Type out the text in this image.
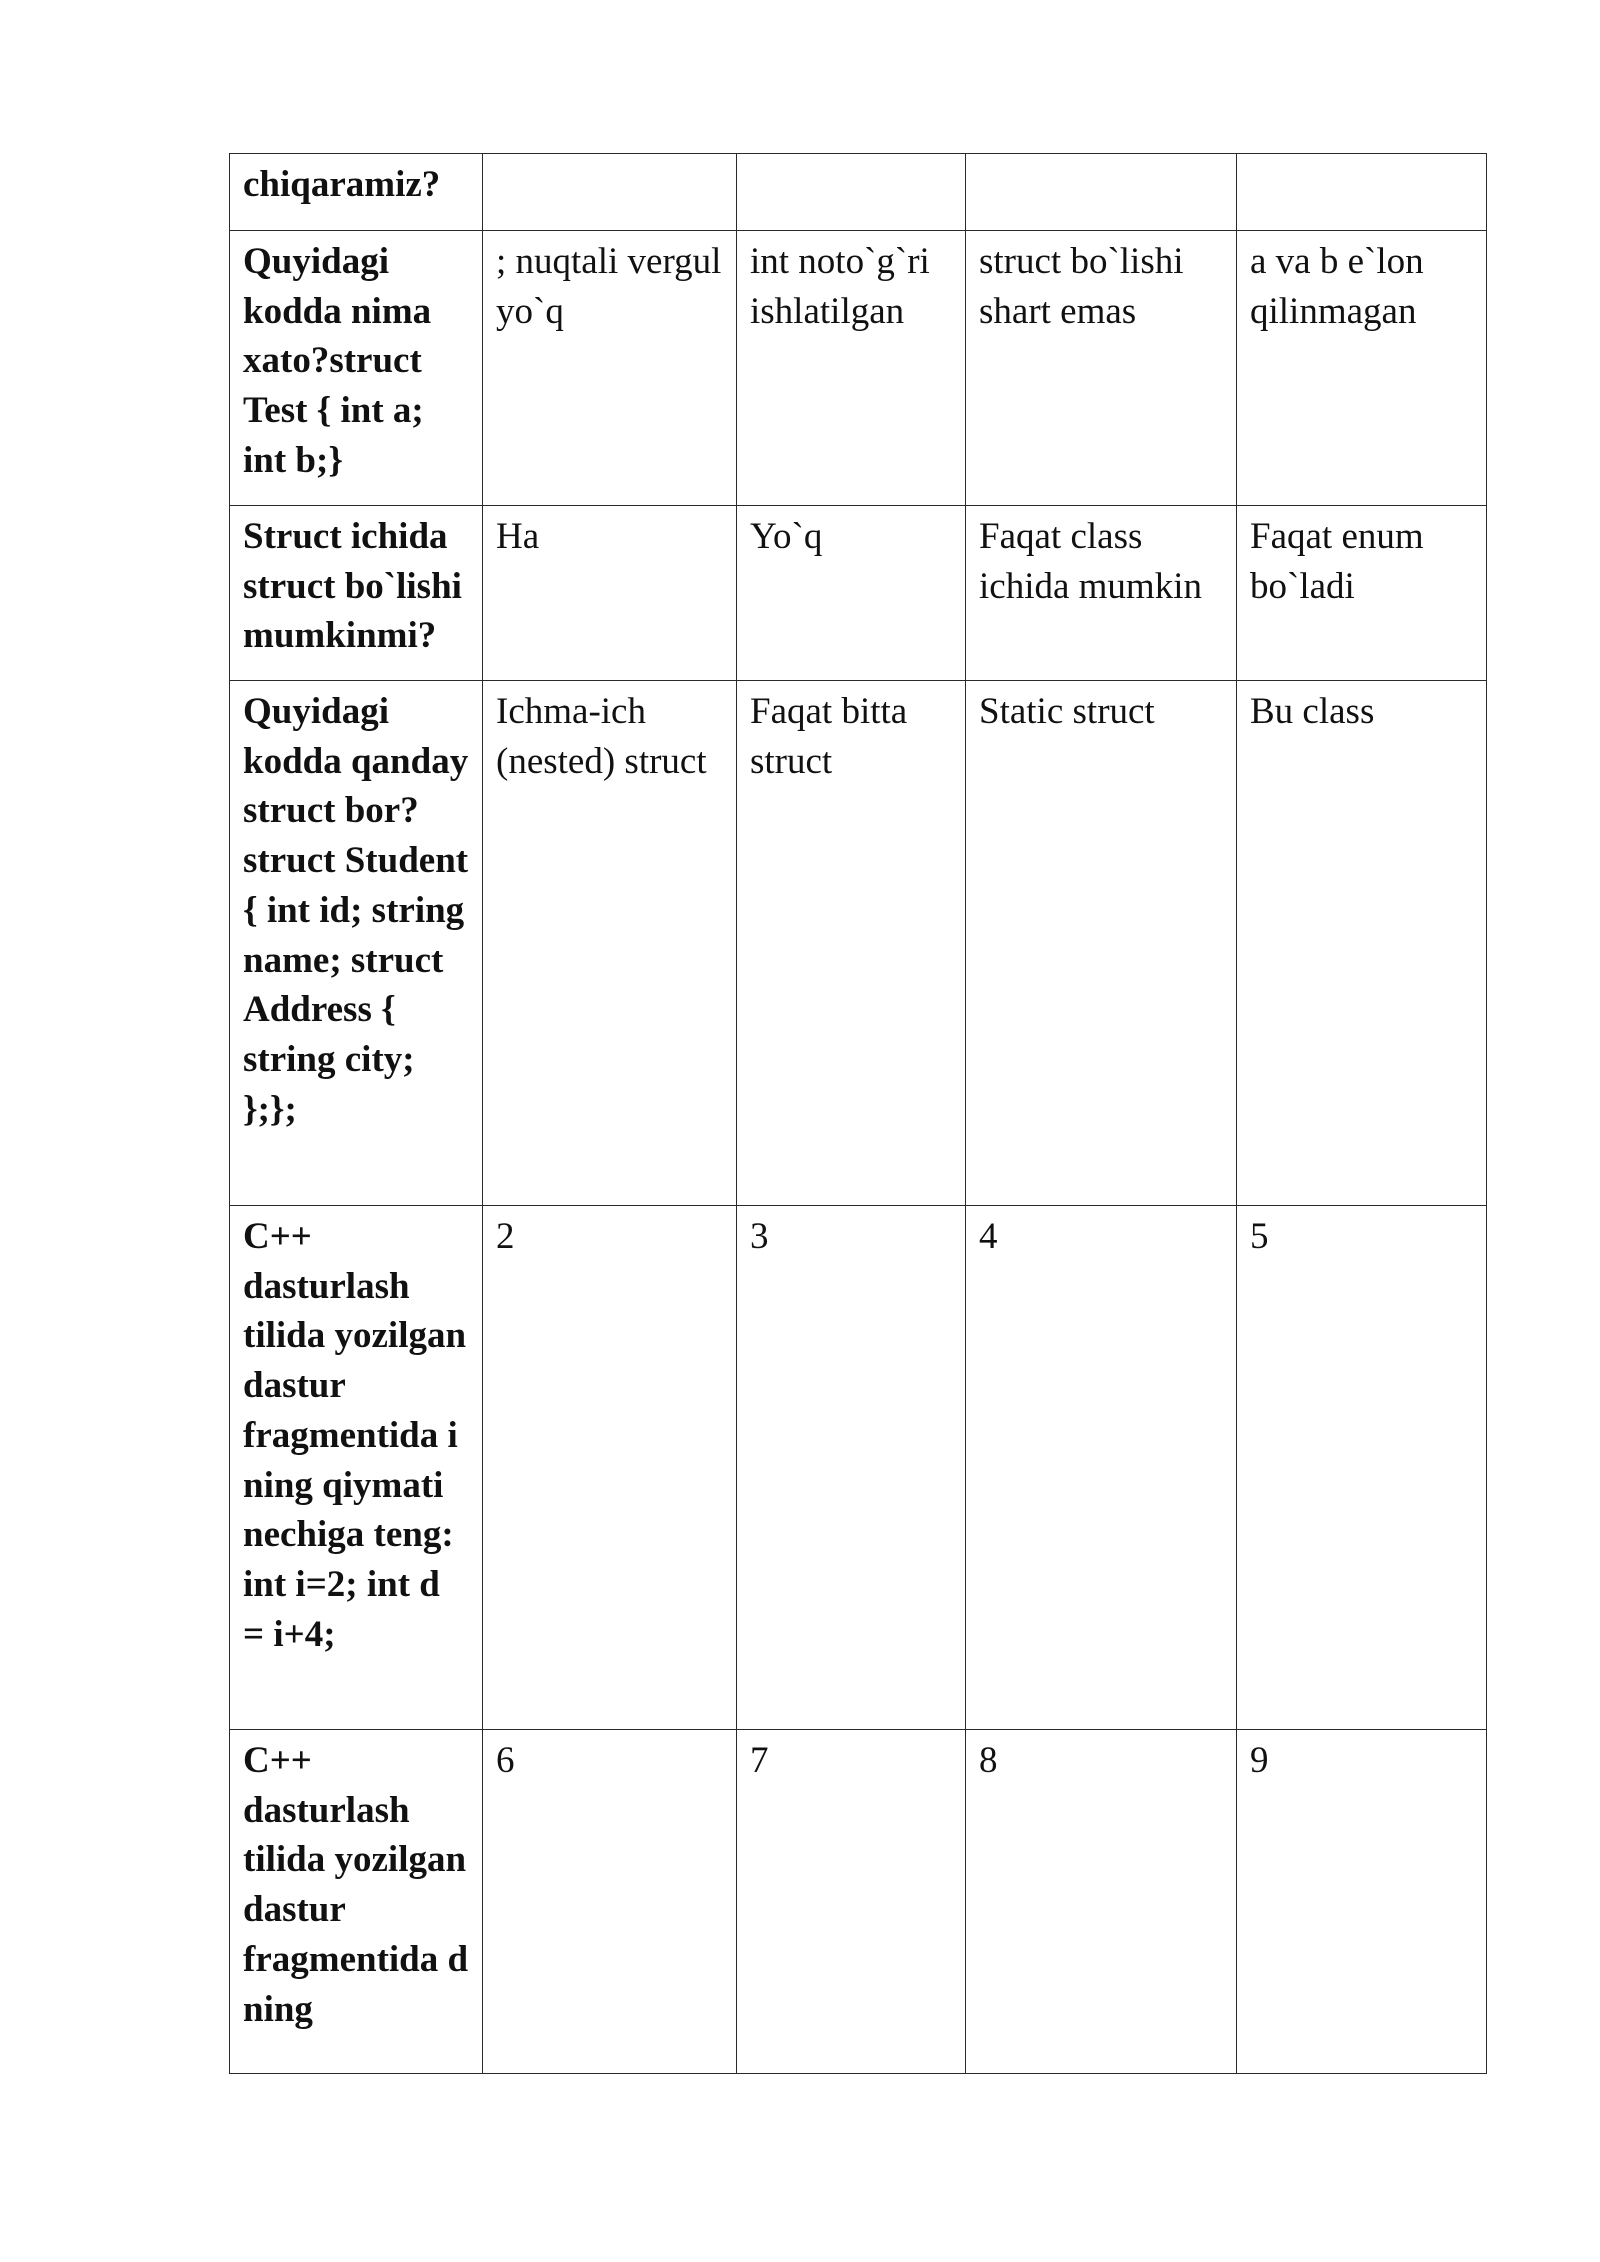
chiqaramiz?				
Quyidagi kodda nima xato?struct Test { int a; int b;}	; nuqtali vergul yo`q	int noto`g`ri ishlatilgan	struct bo`lishi shart emas	a va b e`lon qilinmagan
Struct ichida struct bo`lishi mumkinmi?	Ha	Yo`q	Faqat class ichida mumkin	Faqat enum bo`ladi
Quyidagi kodda qanday struct bor?struct Student { int id; string name; struct Address { string city; };};	Ichma-ich (nested) struct	Faqat bitta struct	Static struct	Bu class
C++ dasturlash tilida yozilgan dastur fragmentida i ning qiymati nechiga teng: int i=2; int d = i+4;	2	3	4	5
C++ dasturlash tilida yozilgan dastur fragmentida d ning	6	7	8	9
